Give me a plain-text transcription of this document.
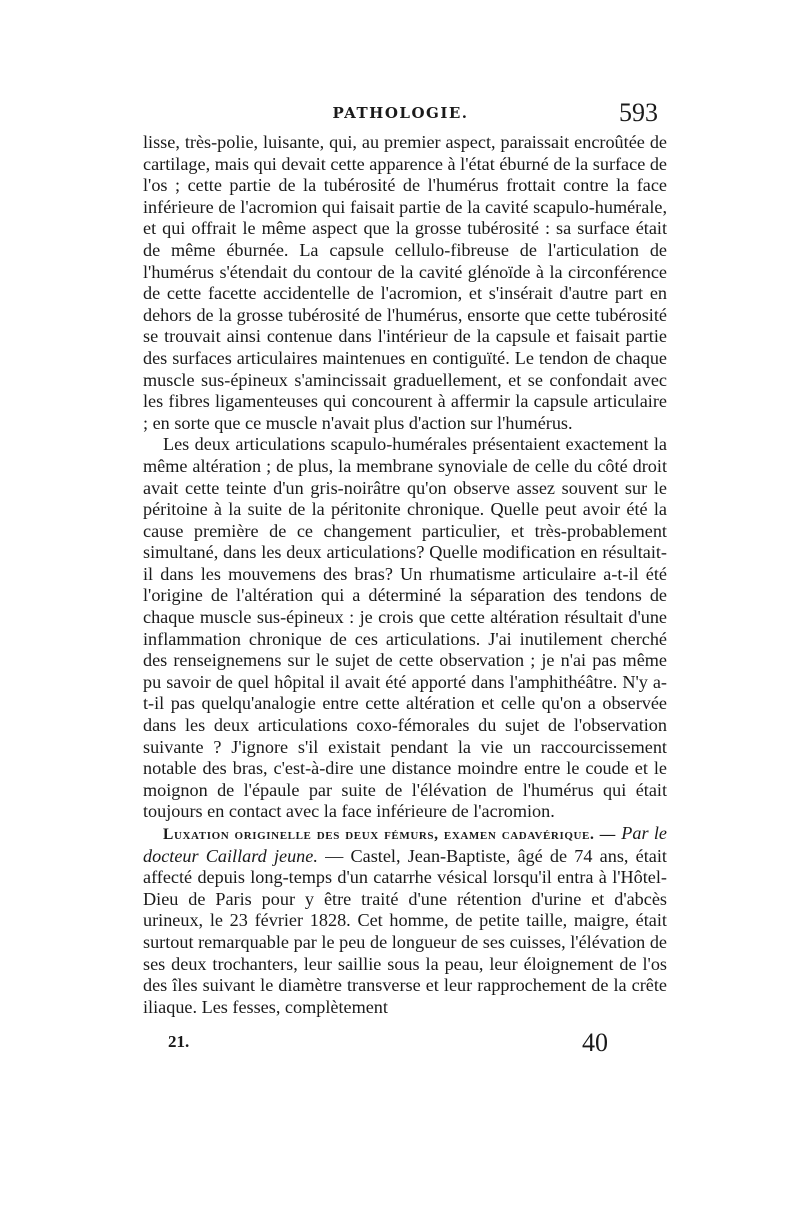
PATHOLOGIE.	593

lisse, très-polie, luisante, qui, au premier aspect, paraissait encroûtée de cartilage, mais qui devait cette apparence à l'état éburné de la surface de l'os ; cette partie de la tubérosité de l'humérus frottait contre la face inférieure de l'acromion qui faisait partie de la cavité scapulo-humérale, et qui offrait le même aspect que la grosse tubérosité : sa surface était de même éburnée. La capsule cellulo-fibreuse de l'articulation de l'humérus s'étendait du contour de la cavité glénoïde à la circonférence de cette facette accidentelle de l'acromion, et s'insérait d'autre part en dehors de la grosse tubérosité de l'humérus, ensorte que cette tubérosité se trouvait ainsi contenue dans l'intérieur de la capsule et faisait partie des surfaces articulaires maintenues en contiguïté. Le tendon de chaque muscle sus-épineux s'amincissait graduellement, et se confondait avec les fibres ligamenteuses qui concourent à affermir la capsule articulaire ; en sorte que ce muscle n'avait plus d'action sur l'humérus.

Les deux articulations scapulo-humérales présentaient exactement la même altération ; de plus, la membrane synoviale de celle du côté droit avait cette teinte d'un gris-noirâtre qu'on observe assez souvent sur le péritoine à la suite de la péritonite chronique. Quelle peut avoir été la cause première de ce changement particulier, et très-probablement simultané, dans les deux articulations? Quelle modification en résultait-il dans les mouvemens des bras? Un rhumatisme articulaire a-t-il été l'origine de l'altération qui a déterminé la séparation des tendons de chaque muscle sus-épineux : je crois que cette altération résultait d'une inflammation chronique de ces articulations. J'ai inutilement cherché des renseignemens sur le sujet de cette observation ; je n'ai pas même pu savoir de quel hôpital il avait été apporté dans l'amphithéâtre. N'y a-t-il pas quelqu'analogie entre cette altération et celle qu'on a observée dans les deux articulations coxo-fémorales du sujet de l'observation suivante ? J'ignore s'il existait pendant la vie un raccourcissement notable des bras, c'est-à-dire une distance moindre entre le coude et le moignon de l'épaule par suite de l'élévation de l'humérus qui était toujours en contact avec la face inférieure de l'acromion.

Luxation originelle des deux fémurs, examen cadavérique. — Par le docteur Caillard jeune. — Castel, Jean-Baptiste, âgé de 74 ans, était affecté depuis long-temps d'un catarrhe vésical lorsqu'il entra à l'Hôtel-Dieu de Paris pour y être traité d'une rétention d'urine et d'abcès urineux, le 23 février 1828. Cet homme, de petite taille, maigre, était surtout remarquable par le peu de longueur de ses cuisses, l'élévation de ses deux trochanters, leur saillie sous la peau, leur éloignement de l'os des îles suivant le diamètre transverse et leur rapprochement de la crête iliaque. Les fesses, complètement

21.	40
